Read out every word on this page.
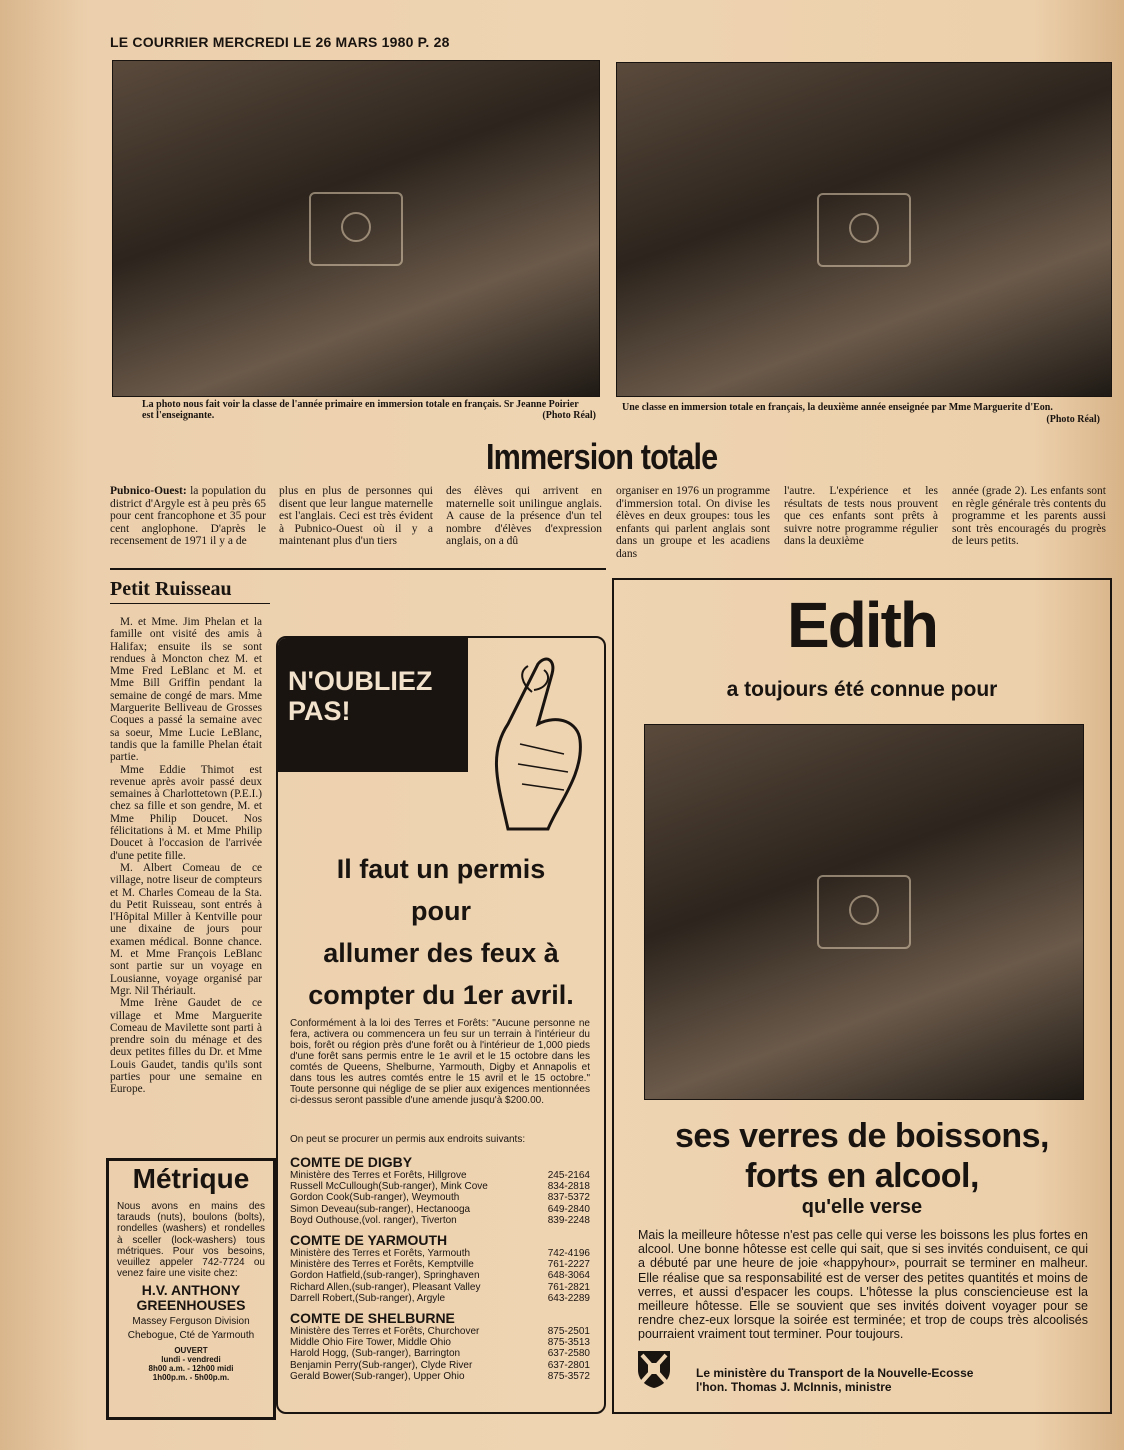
LE COURRIER MERCREDI LE 26 MARS 1980 P. 28
La photo nous fait voir la classe de l'année primaire en immersion totale en français. Sr Jeanne Poirier est l'enseignante.	(Photo Réal)
Une classe en immersion totale en français, la deuxième année enseignée par Mme Marguerite d'Eon.
(Photo Réal)
Immersion totale
Pubnico-Ouest: la population du district d'Argyle est à peu près 65 pour cent francophone et 35 pour cent anglophone. D'après le recensement de 1971 il y a de
plus en plus de personnes qui disent que leur langue maternelle est l'anglais. Ceci est très évident à Pubnico-Ouest où il y a maintenant plus d'un tiers
des élèves qui arrivent en maternelle soit unilingue anglais. A cause de la présence d'un tel nombre d'élèves d'expression anglais, on a dû
organiser en 1976 un programme d'immersion total. On divise les élèves en deux groupes: tous les enfants qui parlent anglais sont dans un groupe et les acadiens dans
l'autre. L'expérience et les résultats de tests nous prouvent que ces enfants sont prêts à suivre notre programme régulier dans la deuxième
année (grade 2). Les enfants sont en règle générale très contents du programme et les parents aussi sont très encouragés du progrès de leurs petits.
Petit Ruisseau

M. et Mme. Jim Phelan et la famille ont visité des amis à Halifax; ensuite ils se sont rendues à Moncton chez M. et Mme Fred LeBlanc et M. et Mme Bill Griffin pendant la semaine de congé de mars. Mme Marguerite Belliveau de Grosses Coques a passé la semaine avec sa soeur, Mme Lucie LeBlanc, tandis que la famille Phelan était partie.

Mme Eddie Thimot est revenue après avoir passé deux semaines à Charlottetown (P.E.I.) chez sa fille et son gendre, M. et Mme Philip Doucet. Nos félicitations à M. et Mme Philip Doucet à l'occasion de l'arrivée d'une petite fille.

M. Albert Comeau de ce village, notre liseur de compteurs et M. Charles Comeau de la Sta. du Petit Ruisseau, sont entrés à l'Hôpital Miller à Kentville pour une dixaine de jours pour examen médical. Bonne chance. M. et Mme François LeBlanc sont partie sur un voyage en Lousianne, voyage organisé par Mgr. Nil Thériault.

Mme Irène Gaudet de ce village et Mme Marguerite Comeau de Mavilette sont parti à prendre soin du ménage et des deux petites filles du Dr. et Mme Louis Gaudet, tandis qu'ils sont parties pour une semaine en Europe.

Métrique
Nous avons en mains des tarauds (nuts), boulons (bolts), rondelles (washers) et rondelles à sceller (lock-washers) tous métriques. Pour vos besoins, veuillez appeler 742-7724 ou venez faire une visite chez:
H.V. ANTHONY
GREENHOUSES
Massey Ferguson Division
Chebogue, Cté de Yarmouth
OUVERT
lundi - vendredi
8h00 a.m. - 12h00 midi
1h00p.m. - 5h00p.m.
N'OUBLIEZ
PAS!
Il faut un permis
pour
allumer des feux à
compter du 1er avril.
Conformément à la loi des Terres et Forêts: "Aucune personne ne fera, activera ou commencera un feu sur un terrain à l'intérieur du bois, forêt ou région près d'une forêt ou à l'intérieur de 1,000 pieds d'une forêt sans permis entre le 1e avril et le 15 octobre dans les comtés de Queens, Shelburne, Yarmouth, Digby et Annapolis et dans tous les autres comtés entre le 15 avril et le 15 octobre." Toute personne qui néglige de se plier aux exigences mentionnées ci-dessus seront passible d'une amende jusqu'à $200.00.
On peut se procurer un permis aux endroits suivants:
COMTE DE DIGBY
Ministère des Terres et Forêts, Hillgrove	245-2164
Russell McCullough(Sub-ranger), Mink Cove	834-2818
Gordon Cook(Sub-ranger), Weymouth	837-5372
Simon Deveau(sub-ranger), Hectanooga	649-2840
Boyd Outhouse,(vol. ranger), Tiverton	839-2248
COMTE DE YARMOUTH
Ministère des Terres et Forêts, Yarmouth	742-4196
Ministère des Terres et Forêts, Kemptville	761-2227
Gordon Hatfield,(sub-ranger), Springhaven	648-3064
Richard Allen,(sub-ranger), Pleasant Valley	761-2821
Darrell Robert,(Sub-ranger), Argyle	643-2289
COMTE DE SHELBURNE
Ministère des Terres et Forêts, Churchover	875-2501
Middle Ohio Fire Tower, Middle Ohio	875-3513
Harold Hogg, (Sub-ranger), Barrington	637-2580
Benjamin Perry(Sub-ranger), Clyde River	637-2801
Gerald Bower(Sub-ranger), Upper Ohio	875-3572
Edith
a toujours été connue pour
ses verres de boissons,
forts en alcool,
qu'elle verse
Mais la meilleure hôtesse n'est pas celle qui verse les boissons les plus fortes en alcool. Une bonne hôtesse est celle qui sait, que si ses invités conduisent, ce qui a débuté par une heure de joie «happyhour», pourrait se terminer en malheur. Elle réalise que sa responsabilité est de verser des petites quantités et moins de verres, et aussi d'espacer les coups. L'hôtesse la plus consciencieuse est la meilleure hôtesse. Elle se souvient que ses invités doivent voyager pour se rendre chez-eux lorsque la soirée est terminée; et trop de coups très alcoolisés pourraient vraiment tout terminer. Pour toujours.
Le ministère du Transport de la Nouvelle-Ecosse
l'hon. Thomas J. McInnis, ministre
